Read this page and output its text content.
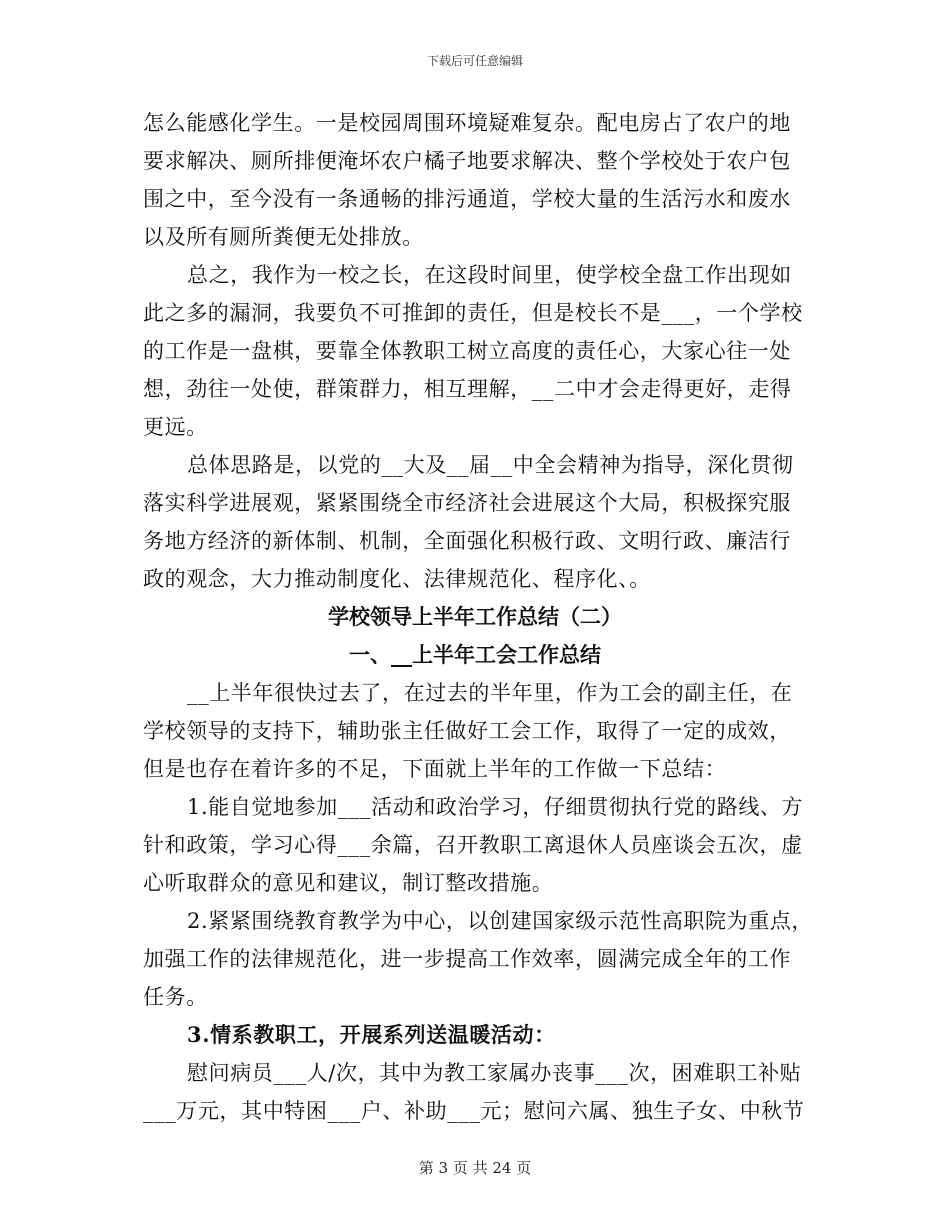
下载后可任意编辑
怎么能感化学生。一是校园周围环境疑难复杂。配电房占了农户的地
要求解决、厕所排便淹坏农户橘子地要求解决、整个学校处于农户包
围之中，至今没有一条通畅的排污通道，学校大量的生活污水和废水
以及所有厕所粪便无处排放。
总之，我作为一校之长，在这段时间里，使学校全盘工作出现如
此之多的漏洞，我要负不可推卸的责任，但是校长不是___，一个学校
的工作是一盘棋，要靠全体教职工树立高度的责任心，大家心往一处
想，劲往一处使，群策群力，相互理解，__二中才会走得更好，走得
更远。
总体思路是，以党的__大及__届__中全会精神为指导，深化贯彻
落实科学进展观，紧紧围绕全市经济社会进展这个大局，积极探究服
务地方经济的新体制、机制，全面强化积极行政、文明行政、廉洁行
政的观念，大力推动制度化、法律规范化、程序化、。
学校领导上半年工作总结（二）
一、__上半年工会工作总结
__上半年很快过去了，在过去的半年里，作为工会的副主任，在
学校领导的支持下，辅助张主任做好工会工作，取得了一定的成效，
但是也存在着许多的不足，下面就上半年的工作做一下总结：
1.能自觉地参加___活动和政治学习，仔细贯彻执行党的路线、方
针和政策，学习心得___余篇，召开教职工离退休人员座谈会五次，虚
心听取群众的意见和建议，制订整改措施。
2.紧紧围绕教育教学为中心，以创建国家级示范性高职院为重点，
加强工作的法律规范化，进一步提高工作效率，圆满完成全年的工作
任务。
3.情系教职工，开展系列送温暖活动：
慰问病员___人/次，其中为教工家属办丧事___次，困难职工补贴
___万元，其中特困___户、补助___元；慰问六属、独生子女、中秋节
第 3 页 共 24 页
